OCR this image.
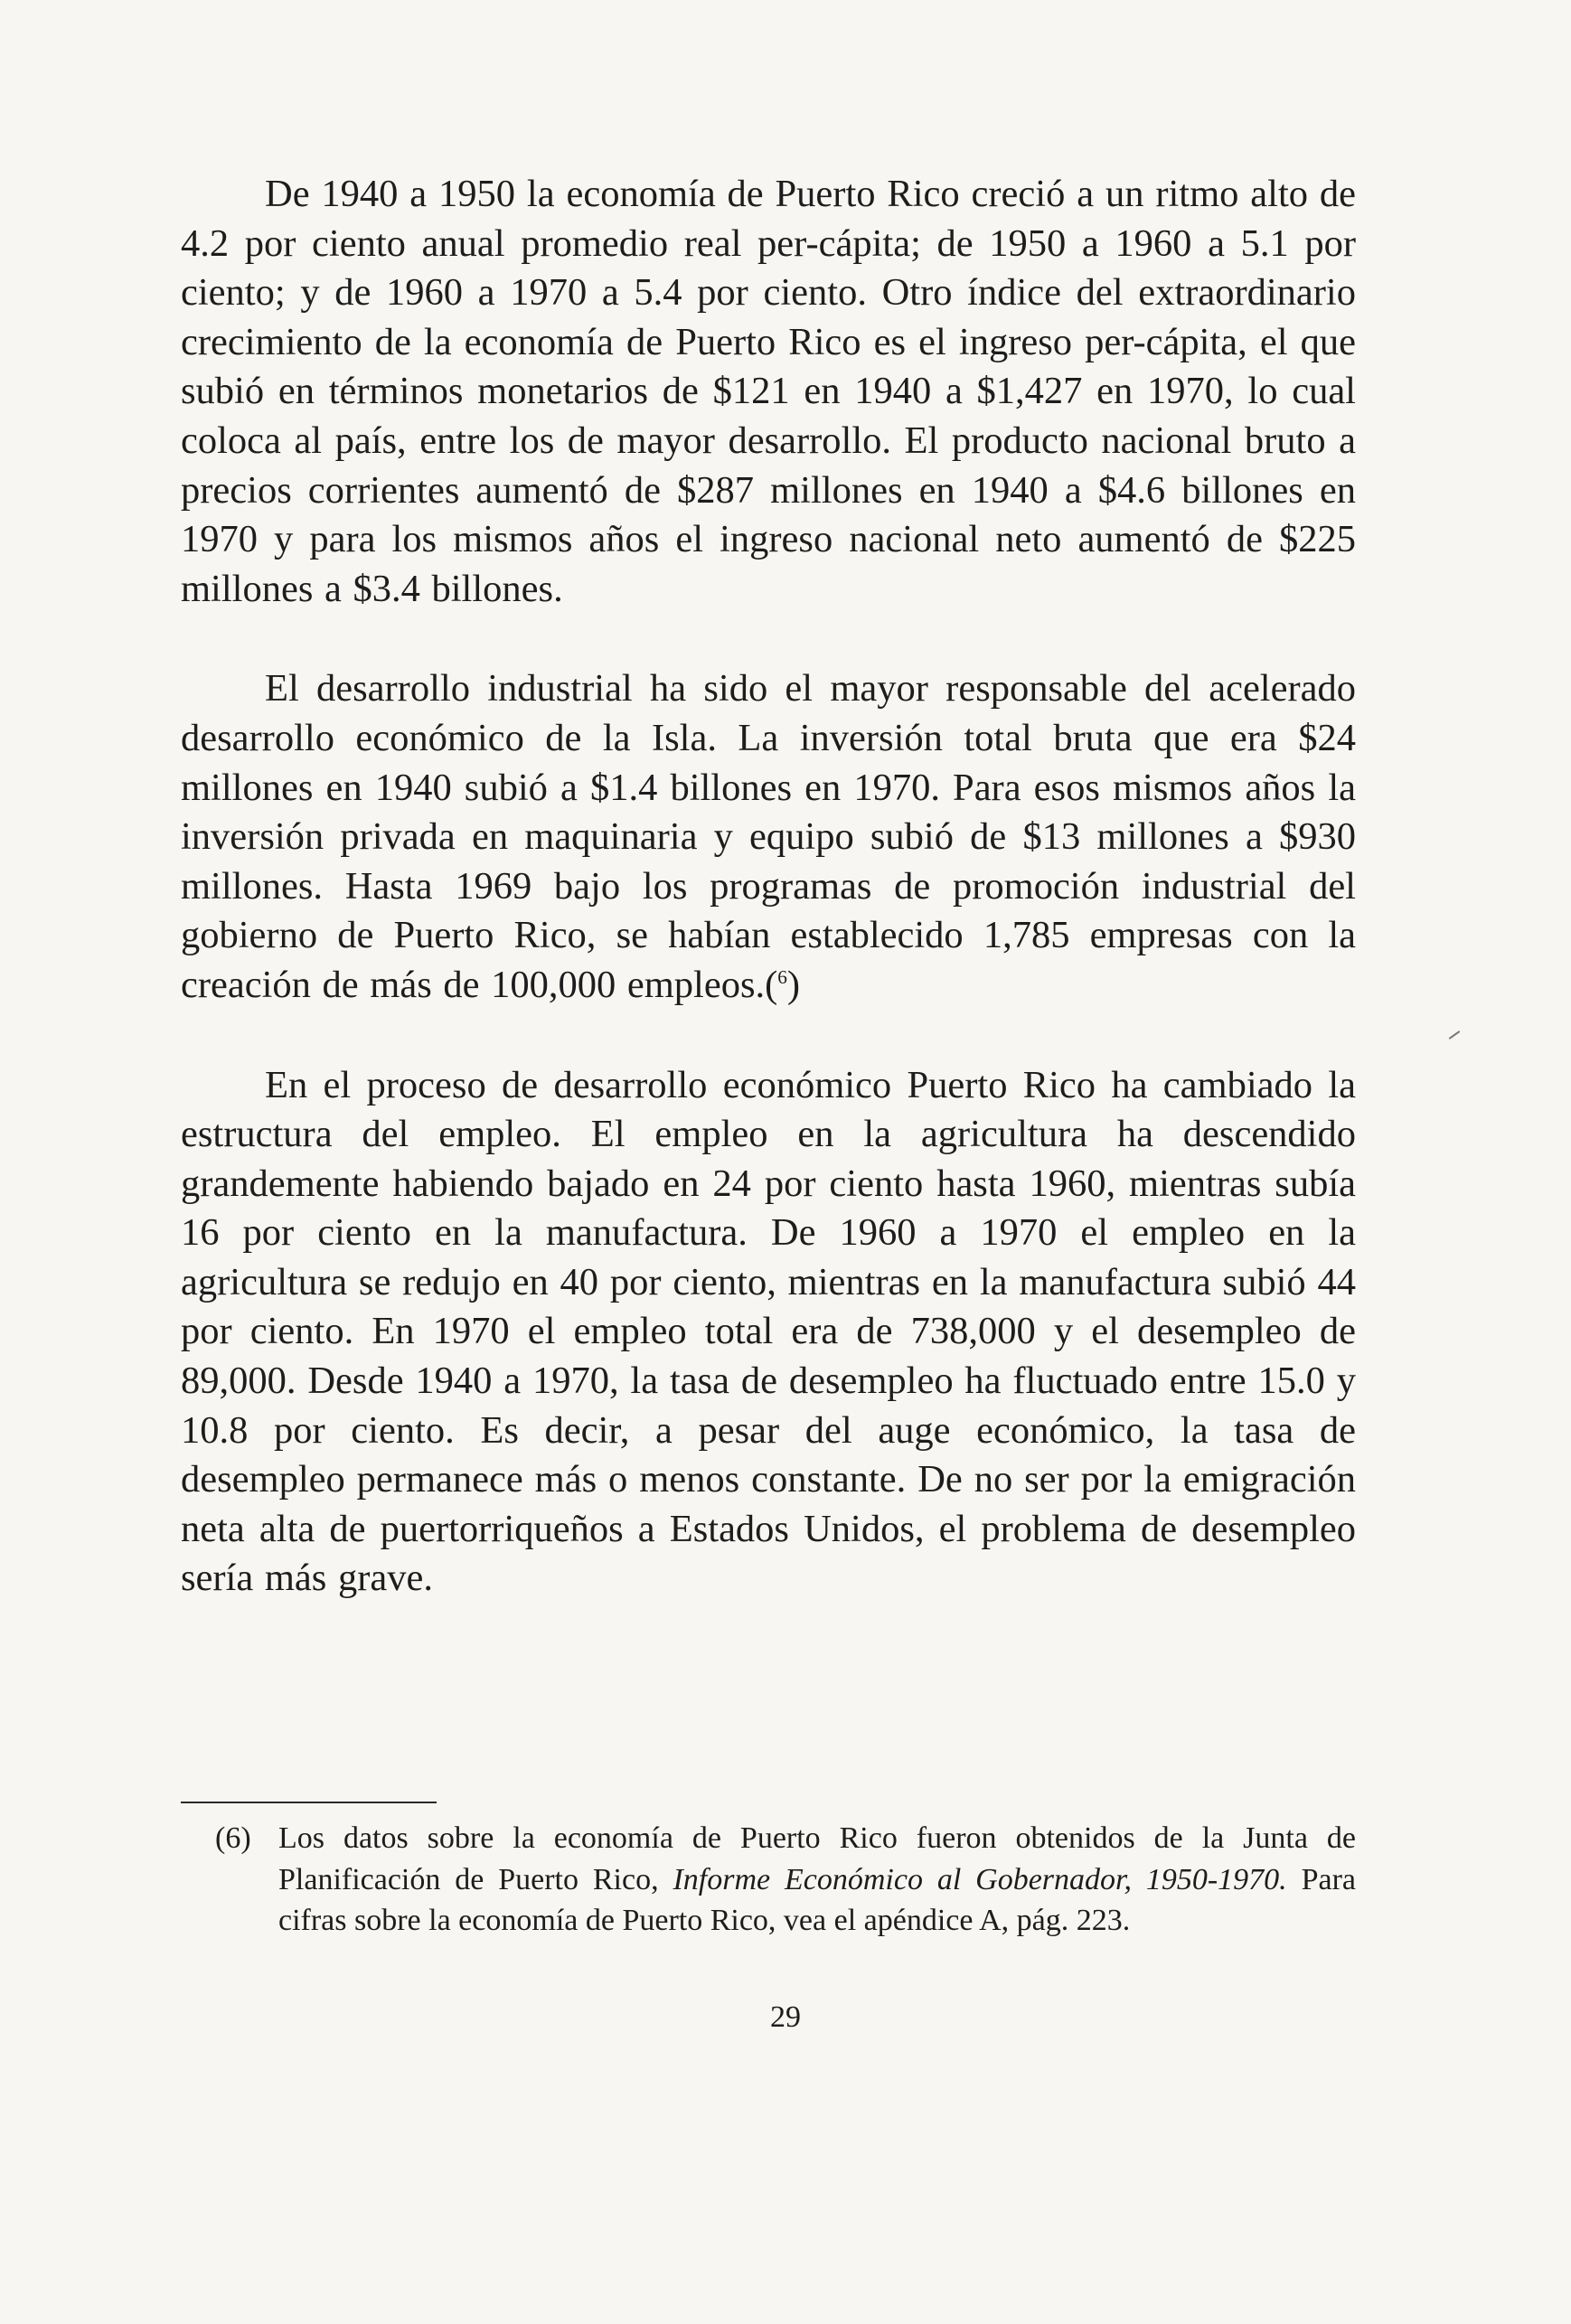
De 1940 a 1950 la economía de Puerto Rico creció a un ritmo alto de 4.2 por ciento anual promedio real per-cápita; de 1950 a 1960 a 5.1 por ciento; y de 1960 a 1970 a 5.4 por ciento. Otro índice del extraordinario crecimiento de la economía de Puerto Rico es el ingreso per-cápita, el que subió en términos monetarios de $121 en 1940 a $1,427 en 1970, lo cual coloca al país, entre los de mayor desarrollo. El producto nacional bruto a precios corrientes aumentó de $287 millones en 1940 a $4.6 billones en 1970 y para los mismos años el ingreso nacional neto aumentó de $225 millones a $3.4 billones.

El desarrollo industrial ha sido el mayor responsable del acelerado desarrollo económico de la Isla. La inversión total bruta que era $24 millones en 1940 subió a $1.4 billones en 1970. Para esos mismos años la inversión privada en maquinaria y equipo subió de $13 millones a $930 millones. Hasta 1969 bajo los programas de promoción industrial del gobierno de Puerto Rico, se habían establecido 1,785 empresas con la creación de más de 100,000 empleos.($^6$)

En el proceso de desarrollo económico Puerto Rico ha cambiado la estructura del empleo. El empleo en la agricultura ha descendido grandemente habiendo bajado en 24 por ciento hasta 1960, mientras subía 16 por ciento en la manufactura. De 1960 a 1970 el empleo en la agricultura se redujo en 40 por ciento, mientras en la manufactura subió 44 por ciento. En 1970 el empleo total era de 738,000 y el desempleo de 89,000. Desde 1940 a 1970, la tasa de desempleo ha fluctuado entre 15.0 y 10.8 por ciento. Es decir, a pesar del auge económico, la tasa de desempleo permanece más o menos constante. De no ser por la emigración neta alta de puertorriqueños a Estados Unidos, el problema de desempleo sería más grave.

(6) Los datos sobre la economía de Puerto Rico fueron obtenidos de la Junta de Planificación de Puerto Rico, Informe Económico al Gobernador, 1950-1970. Para cifras sobre la economía de Puerto Rico, vea el apéndice A, pág. 223.
29
